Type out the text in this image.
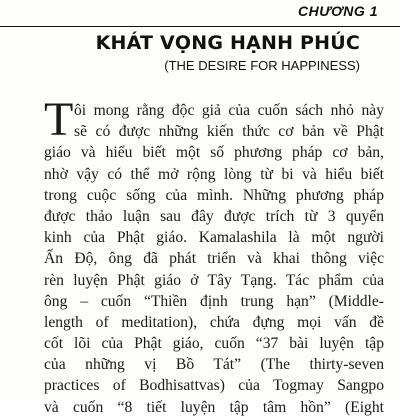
CHƯƠNG 1
KHÁT VỌNG HẠNH PHÚC
(THE DESIRE FOR HAPPINESS)
T ôi mong rằng độc giả của cuốn sách nhỏ này
sẽ có được những kiến thức cơ bản về Phật
giáo và hiểu biết một số phương pháp cơ bản,
nhờ vậy có thể mở rộng lòng từ bi và hiểu biết
trong cuộc sống của mình. Những phương pháp
được thảo luận sau đây được trích từ 3 quyển
kinh của Phật giáo. Kamalashila là một người
Ấn Độ, ông đã phát triển và khai thông việc
rèn luyện Phật giáo ở Tây Tạng. Tác phẩm của
ông – cuốn “Thiền định trung hạn” (Middle-
length of meditation), chứa đựng mọi vấn đề
cốt lõi của Phật giáo, cuốn “37 bài luyện tập
của những vị Bồ Tát” (The thirty-seven
practices of Bodhisattvas) của Togmay Sangpo
và cuốn “8 tiết luyện tập tâm hồn” (Eight
